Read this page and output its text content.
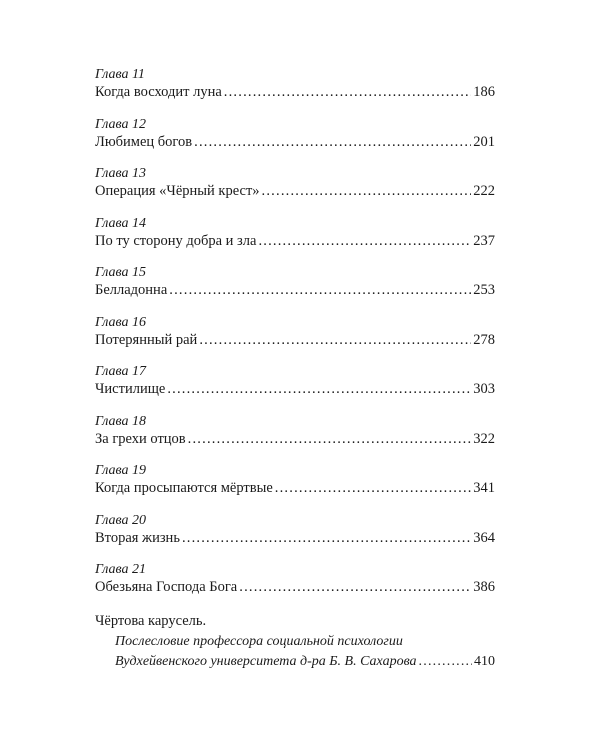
Глава 11
Когда восходит луна .....	186
Глава 12
Любимец богов .....	201
Глава 13
Операция «Чёрный крест» .....	222
Глава 14
По ту сторону добра и зла .....	237
Глава 15
Белладонна .....	253
Глава 16
Потерянный рай .....	278
Глава 17
Чистилище .....	303
Глава 18
За грехи отцов .....	322
Глава 19
Когда просыпаются мёртвые .....	341
Глава 20
Вторая жизнь .....	364
Глава 21
Обезьяна Господа Бога .....	386
Чёртова карусель.
Послесловие профессора социальной психологии
Вудхейвенского университета д-ра Б. В. Сахарова .....	410
